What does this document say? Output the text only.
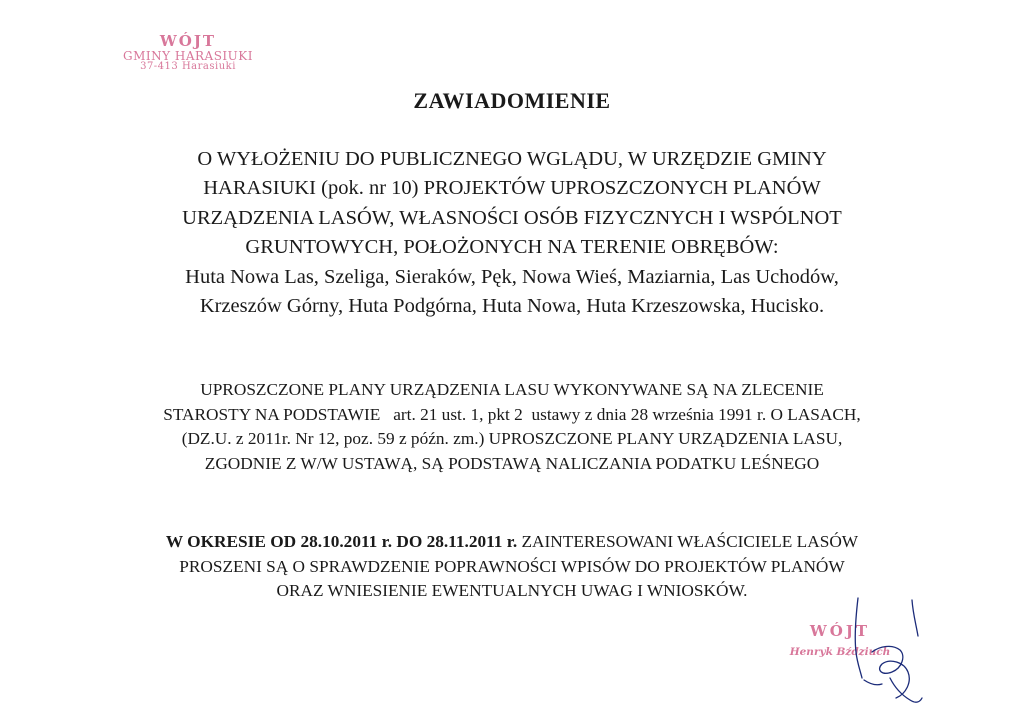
WÓJT
GMINY HARASIUKI
37-413 Harasiuki
ZAWIADOMIENIE
O WYŁOŻENIU DO PUBLICZNEGO WGLĄDU, W URZĘDZIE GMINY
HARASIUKI (pok. nr 10) PROJEKTÓW UPROSZCZONYCH PLANÓW
URZĄDZENIA LASÓW, WŁASNOŚCI OSÓB FIZYCZNYCH I WSPÓLNOT
GRUNTOWYCH, POŁOŻONYCH NA TERENIE OBRĘBÓW:
Huta Nowa Las, Szeliga, Sieraków, Pęk, Nowa Wieś, Maziarnia, Las Uchodów,
Krzeszów Górny, Huta Podgórna, Huta Nowa, Huta Krzeszowska, Hucisko.
UPROSZCZONE PLANY URZĄDZENIA LASU WYKONYWANE SĄ NA ZLECENIE
STAROSTY NA PODSTAWIE   art. 21 ust. 1, pkt 2  ustawy z dnia 28 września 1991 r. O LASACH,
(DZ.U. z 2011r. Nr 12, poz. 59 z późn. zm.) UPROSZCZONE PLANY URZĄDZENIA LASU,
ZGODNIE Z W/W USTAWĄ, SĄ PODSTAWĄ NALICZANIA PODATKU LEŚNEGO
W OKRESIE OD 28.10.2011 r. DO 28.11.2011 r. ZAINTERESOWANI WŁAŚCICIELE LASÓW
PROSZENI SĄ O SPRAWDZENIE POPRAWNOŚCI WPISÓW DO PROJEKTÓW PLANÓW
ORAZ WNIESIENIE EWENTUALNYCH UWAG I WNIOSKÓW.
WÓJT
Henryk Bździuch
